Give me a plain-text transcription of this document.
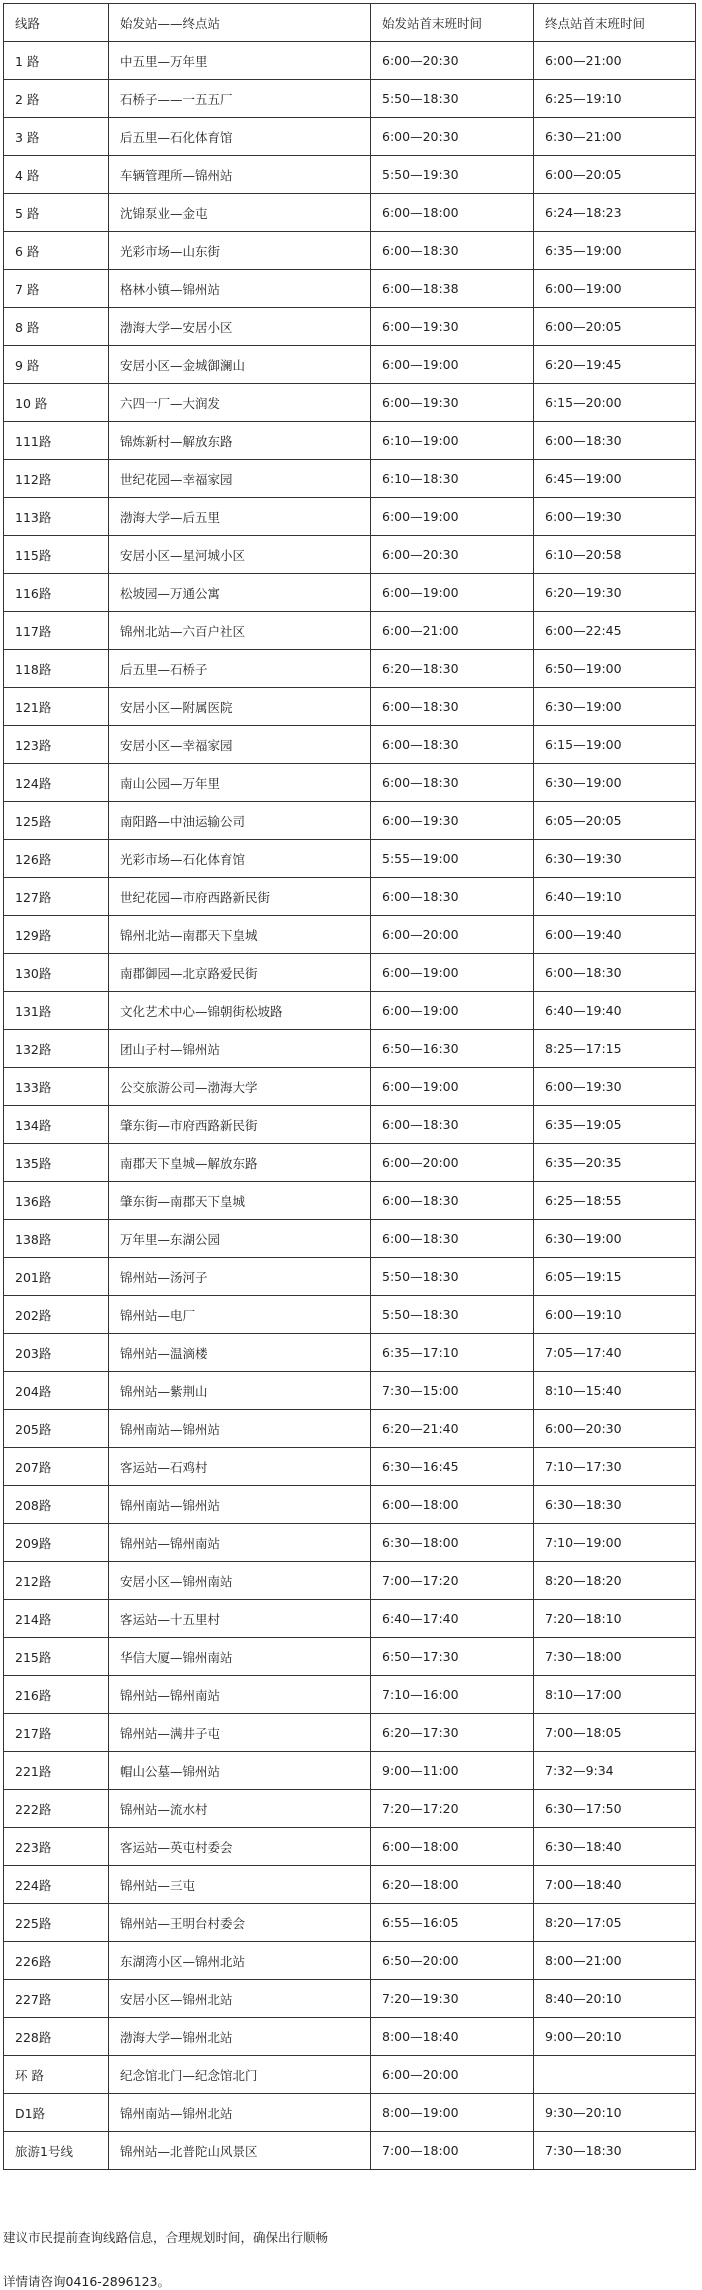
线路	始发站——终点站	始发站首末班时间	终点站首末班时间
1 路	中五里—万年里	6:00—20:30	6:00—21:00
2 路	石桥子——一五五厂	5:50—18:30	6:25—19:10
3 路	后五里—石化体育馆	6:00—20:30	6:30—21:00
4 路	车辆管理所—锦州站	5:50—19:30	6:00—20:05
5 路	沈锦泵业—金屯	6:00—18:00	6:24—18:23
6 路	光彩市场—山东街	6:00—18:30	6:35—19:00
7 路	格林小镇—锦州站	6:00—18:38	6:00—19:00
8 路	渤海大学—安居小区	6:00—19:30	6:00—20:05
9 路	安居小区—金城御澜山	6:00—19:00	6:20—19:45
10 路	六四一厂—大润发	6:00—19:30	6:15—20:00
111路	锦炼新村—解放东路	6:10—19:00	6:00—18:30
112路	世纪花园—幸福家园	6:10—18:30	6:45—19:00
113路	渤海大学—后五里	6:00—19:00	6:00—19:30
115路	安居小区—星河城小区	6:00—20:30	6:10—20:58
116路	松坡园—万通公寓	6:00—19:00	6:20—19:30
117路	锦州北站—六百户社区	6:00—21:00	6:00—22:45
118路	后五里—石桥子	6:20—18:30	6:50—19:00
121路	安居小区—附属医院	6:00—18:30	6:30—19:00
123路	安居小区—幸福家园	6:00—18:30	6:15—19:00
124路	南山公园—万年里	6:00—18:30	6:30—19:00
125路	南阳路—中油运输公司	6:00—19:30	6:05—20:05
126路	光彩市场—石化体育馆	5:55—19:00	6:30—19:30
127路	世纪花园—市府西路新民街	6:00—18:30	6:40—19:10
129路	锦州北站—南郡天下皇城	6:00—20:00	6:00—19:40
130路	南郡御园—北京路爱民街	6:00—19:00	6:00—18:30
131路	文化艺术中心—锦朝街松坡路	6:00—19:00	6:40—19:40
132路	团山子村—锦州站	6:50—16:30	8:25—17:15
133路	公交旅游公司—渤海大学	6:00—19:00	6:00—19:30
134路	肇东街—市府西路新民街	6:00—18:30	6:35—19:05
135路	南郡天下皇城—解放东路	6:00—20:00	6:35—20:35
136路	肇东街—南郡天下皇城	6:00—18:30	6:25—18:55
138路	万年里—东湖公园	6:00—18:30	6:30—19:00
201路	锦州站—汤河子	5:50—18:30	6:05—19:15
202路	锦州站—电厂	5:50—18:30	6:00—19:10
203路	锦州站—温滴楼	6:35—17:10	7:05—17:40
204路	锦州站—紫荆山	7:30—15:00	8:10—15:40
205路	锦州南站—锦州站	6:20—21:40	6:00—20:30
207路	客运站—石鸡村	6:30—16:45	7:10—17:30
208路	锦州南站—锦州站	6:00—18:00	6:30—18:30
209路	锦州站—锦州南站	6:30—18:00	7:10—19:00
212路	安居小区—锦州南站	7:00—17:20	8:20—18:20
214路	客运站—十五里村	6:40—17:40	7:20—18:10
215路	华信大厦—锦州南站	6:50—17:30	7:30—18:00
216路	锦州站—锦州南站	7:10—16:00	8:10—17:00
217路	锦州站—满井子屯	6:20—17:30	7:00—18:05
221路	帽山公墓—锦州站	9:00—11:00	7:32—9:34
222路	锦州站—流水村	7:20—17:20	6:30—17:50
223路	客运站—英屯村委会	6:00—18:00	6:30—18:40
224路	锦州站—三屯	6:20—18:00	7:00—18:40
225路	锦州站—王明台村委会	6:55—16:05	8:20—17:05
226路	东湖湾小区—锦州北站	6:50—20:00	8:00—21:00
227路	安居小区—锦州北站	7:20—19:30	8:40—20:10
228路	渤海大学—锦州北站	8:00—18:40	9:00—20:10
环 路	纪念馆北门—纪念馆北门	6:00—20:00	
D1路	锦州南站—锦州北站	8:00—19:00	9:30—20:10
旅游1号线	锦州站—北普陀山风景区	7:00—18:00	7:30—18:30
建议市民提前查询线路信息，合理规划时间，确保出行顺畅
详情请咨询0416-2896123。
